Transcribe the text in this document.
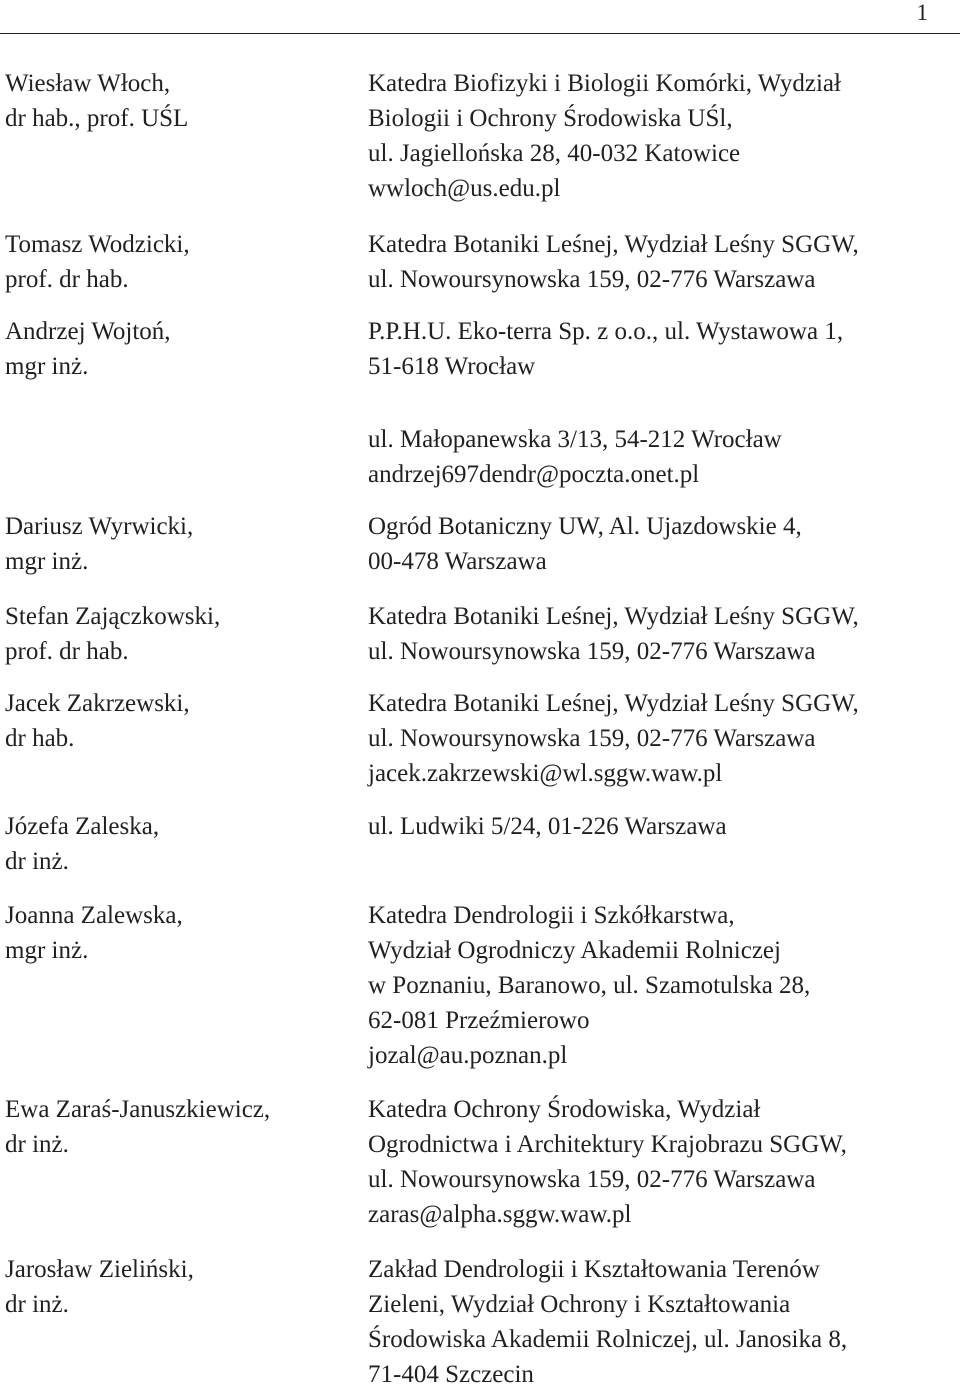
1
Wiesław Włoch,
dr hab., prof. UŚL
Tomasz Wodzicki,
prof. dr hab.
Andrzej Wojtoń,
mgr inż.
Dariusz Wyrwicki,
mgr inż.
Stefan Zajączkowski,
prof. dr hab.
Jacek Zakrzewski,
dr hab.
Józefa Zaleska,
dr inż.
Joanna Zalewska,
mgr inż.
Ewa Zaraś-Januszkiewicz,
dr inż.
Jarosław Zieliński,
dr inż.
Katedra Biofizyki i Biologii Komórki, Wydział
Biologii i Ochrony Środowiska UŚl,
ul. Jagiellońska 28, 40-032 Katowice
wwloch@us.edu.pl
Katedra Botaniki Leśnej, Wydział Leśny SGGW,
ul. Nowoursynowska 159, 02-776 Warszawa
P.P.H.U. Eko-terra Sp. z o.o., ul. Wystawowa 1,
51-618 Wrocław
ul. Małopanewska 3/13, 54-212 Wrocław
andrzej697dendr@poczta.onet.pl
Ogród Botaniczny UW, Al. Ujazdowskie 4,
00-478 Warszawa
Katedra Botaniki Leśnej, Wydział Leśny SGGW,
ul. Nowoursynowska 159, 02-776 Warszawa
Katedra Botaniki Leśnej, Wydział Leśny SGGW,
ul. Nowoursynowska 159, 02-776 Warszawa
jacek.zakrzewski@wl.sggw.waw.pl
ul. Ludwiki 5/24, 01-226 Warszawa
Katedra Dendrologii i Szkółkarstwa,
Wydział Ogrodniczy Akademii Rolniczej
w Poznaniu, Baranowo, ul. Szamotulska 28,
62-081 Przeźmierowo
jozal@au.poznan.pl
Katedra Ochrony Środowiska, Wydział
Ogrodnictwa i Architektury Krajobrazu SGGW,
ul. Nowoursynowska 159, 02-776 Warszawa
zaras@alpha.sggw.waw.pl
Zakład Dendrologii i Kształtowania Terenów
Zieleni, Wydział Ochrony i Kształtowania
Środowiska Akademii Rolniczej, ul. Janosika 8,
71-404 Szczecin
